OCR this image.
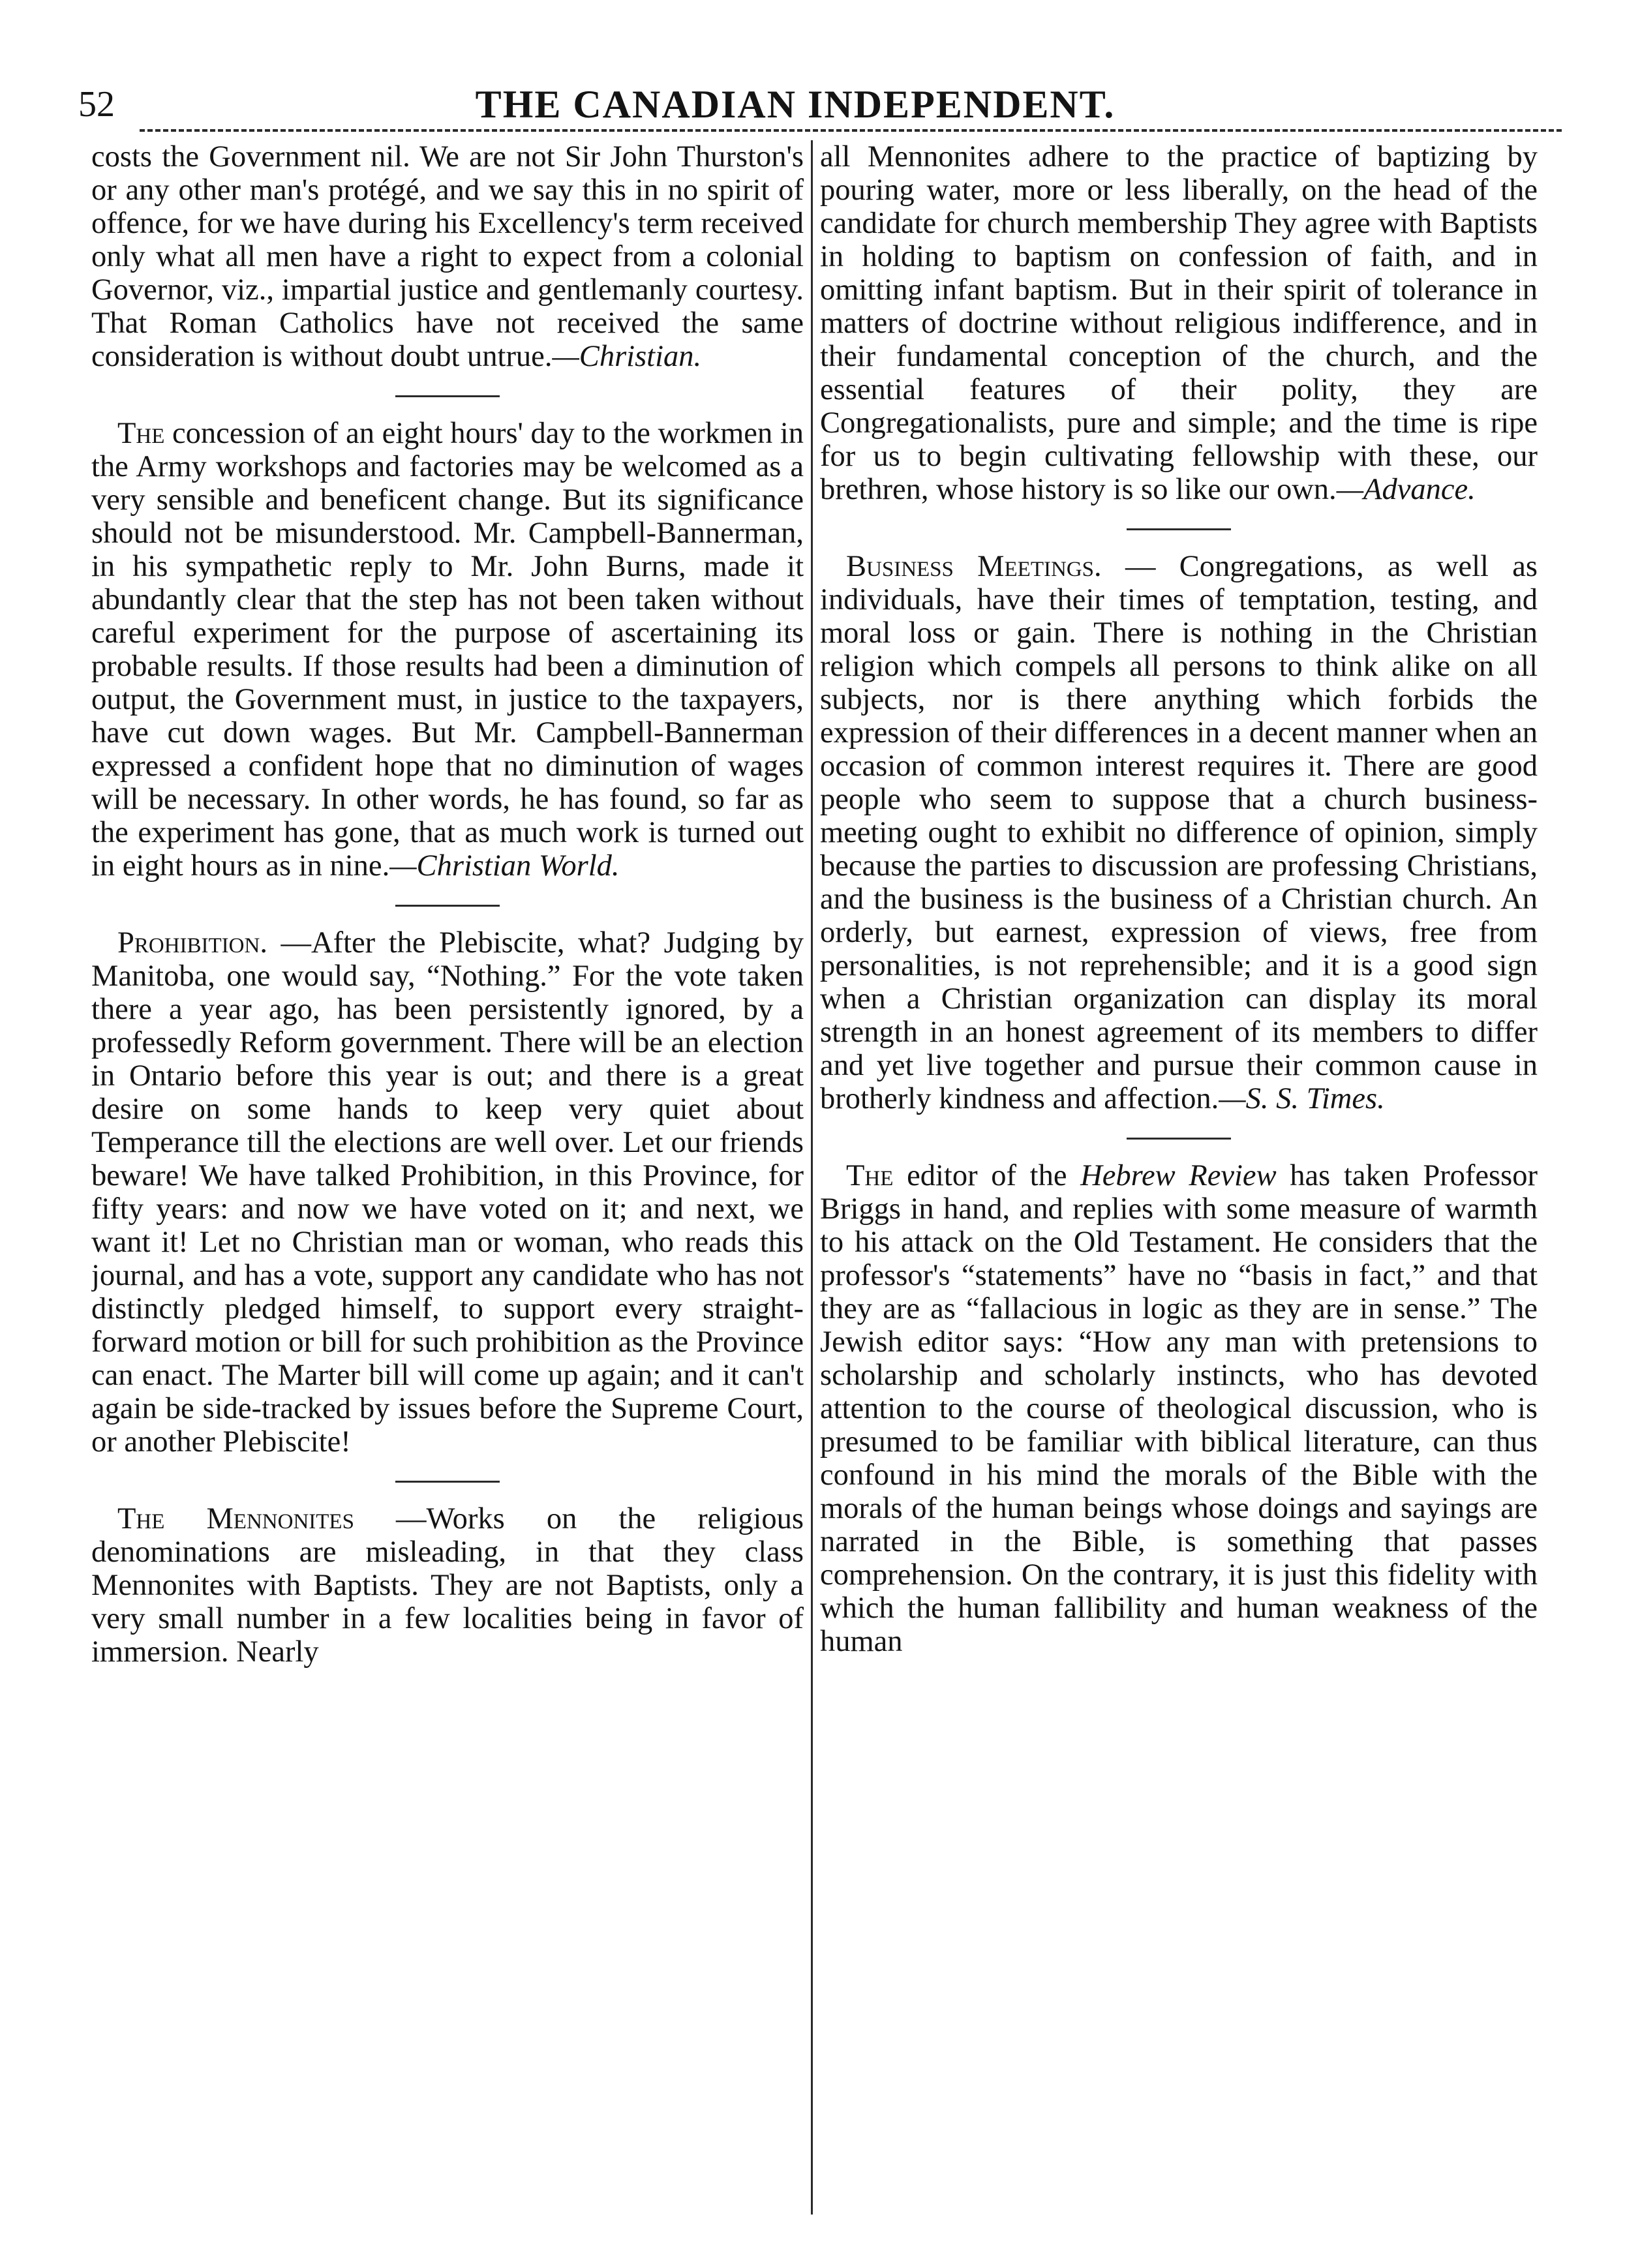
52	THE CANADIAN INDEPENDENT.

costs the Government nil. We are not Sir John Thurston's or any other man's protégé, and we say this in no spirit of offence, for we have during his Excellency's term received only what all men have a right to expect from a colonial Governor, viz., impartial justice and gentlemanly courtesy. That Roman Catholics have not received the same consideration is without doubt untrue.—Christian.

The concession of an eight hours' day to the workmen in the Army workshops and factories may be welcomed as a very sensible and beneficent change. But its significance should not be misunderstood. Mr. Campbell-Bannerman, in his sympathetic reply to Mr. John Burns, made it abundantly clear that the step has not been taken without careful experiment for the purpose of ascertaining its probable results. If those results had been a diminution of output, the Government must, in justice to the taxpayers, have cut down wages. But Mr. Campbell-Bannerman expressed a confident hope that no diminution of wages will be necessary. In other words, he has found, so far as the experiment has gone, that as much work is turned out in eight hours as in nine.—Christian World.

Prohibition. —After the Plebiscite, what? Judging by Manitoba, one would say, “Nothing.” For the vote taken there a year ago, has been persistently ignored, by a professedly Reform government. There will be an election in Ontario before this year is out; and there is a great desire on some hands to keep very quiet about Temperance till the elections are well over. Let our friends beware! We have talked Prohibition, in this Province, for fifty years: and now we have voted on it; and next, we want it! Let no Christian man or woman, who reads this journal, and has a vote, support any candidate who has not distinctly pledged himself, to support every straight-forward motion or bill for such prohibition as the Province can enact. The Marter bill will come up again; and it can't again be side-tracked by issues before the Supreme Court, or another Plebiscite!

The Mennonites —Works on the religious denominations are misleading, in that they class Mennonites with Baptists. They are not Baptists, only a very small number in a few localities being in favor of immersion. Nearly

all Mennonites adhere to the practice of baptizing by pouring water, more or less liberally, on the head of the candidate for church membership They agree with Baptists in holding to baptism on confession of faith, and in omitting infant baptism. But in their spirit of tolerance in matters of doctrine without religious indifference, and in their fundamental conception of the church, and the essential features of their polity, they are Congregationalists, pure and simple; and the time is ripe for us to begin cultivating fellowship with these, our brethren, whose history is so like our own.—Advance.

Business Meetings. — Congregations, as well as individuals, have their times of temptation, testing, and moral loss or gain. There is nothing in the Christian religion which compels all persons to think alike on all subjects, nor is there anything which forbids the expression of their differences in a decent manner when an occasion of common interest requires it. There are good people who seem to suppose that a church business-meeting ought to exhibit no difference of opinion, simply because the parties to discussion are professing Christians, and the business is the business of a Christian church. An orderly, but earnest, expression of views, free from personalities, is not reprehensible; and it is a good sign when a Christian organization can display its moral strength in an honest agreement of its members to differ and yet live together and pursue their common cause in brotherly kindness and affection.—S. S. Times.

The editor of the Hebrew Review has taken Professor Briggs in hand, and replies with some measure of warmth to his attack on the Old Testament. He considers that the professor's “statements” have no “basis in fact,” and that they are as “fallacious in logic as they are in sense.” The Jewish editor says: “How any man with pretensions to scholarship and scholarly instincts, who has devoted attention to the course of theological discussion, who is presumed to be familiar with biblical literature, can thus confound in his mind the morals of the Bible with the morals of the human beings whose doings and sayings are narrated in the Bible, is something that passes comprehension. On the contrary, it is just this fidelity with which the human fallibility and human weakness of the human
